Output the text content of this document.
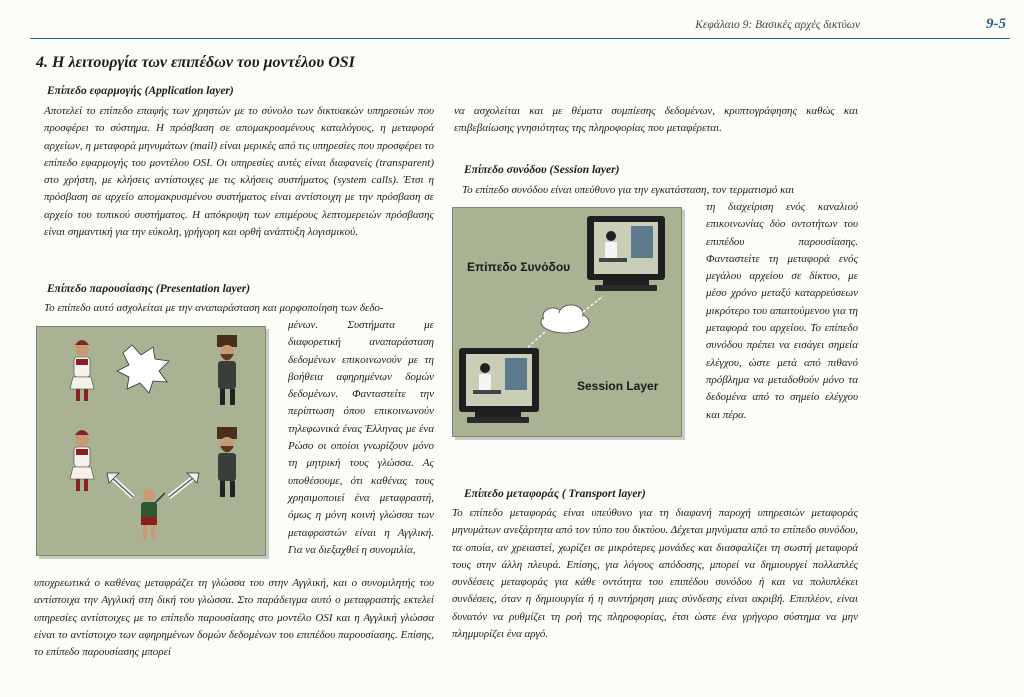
Κεφάλαιο 9: Βασικές αρχές δικτύων	9-5
4. Η λειτουργία των επιπέδων του μοντέλου OSI
Επίπεδο εφαρμογής (Application layer)

Αποτελεί το επίπεδο επαφής των χρηστών με το σύνολο των δικτυακών υπηρεσιών που προσφέρει το σύστημα. Η πρόσβαση σε απομακρυσμένους καταλόγους, η μεταφορά αρχείων, η μεταφορά μηνυμάτων (mail) είναι μερικές από τις υπηρεσίες που προσφέρει το επίπεδο εφαρμογής του μοντέλου OSI. Οι υπηρεσίες αυτές είναι διαφανείς (transparent) στο χρήστη, με κλήσεις αντίστοιχες με τις κλήσεις συστήματος (system calls). Έτσι η πρόσβαση σε αρχείο απομακρυσμένου συστήματος είναι αντίστοιχη με την πρόσβαση σε αρχείο του τοπικού συστήματος. Η απόκρυψη των επιμέρους λεπτομερειών πρόσβασης είναι σημαντική για την εύκολη, γρήγορη και ορθή ανάπτυξη λογισμικού.

Επίπεδο παρουσίασης (Presentation layer)

Το επίπεδο αυτό ασχολείται με την αναπαράσταση και μορφοποίηση των δεδο-

μένων. Συστήματα με διαφορετική αναπαράσταση δεδομένων επικοινωνούν με τη βοήθεια αφηρημένων δομών δεδομένων. Φανταστείτε την περίπτωση όπου επικοινωνούν τηλεφωνικά ένας Έλληνας με ένα Ρώσο οι οποίοι γνωρίζουν μόνο τη μητρική τους γλώσσα. Ας υποθέσουμε, ότι καθένας τους χρησιμοποιεί ένα μεταφραστή, όμως η μόνη κοινή γλώσσα των μεταφραστών είναι η Αγγλική. Για να διεξαχθεί η συνομιλία,

υποχρεωτικά ο καθένας μεταφράζει τη γλώσσα του στην Αγγλική, και ο συνομιλητής του αντίστοιχα την Αγγλική στη δική του γλώσσα. Στο παράδειγμα αυτό ο μεταφραστής εκτελεί υπηρεσίες αντίστοιχες με το επίπεδο παρουσίασης στο μοντέλο OSI και η Αγγλική γλώσσα είναι το αντίστοιχο των αφηρημένων δομών δεδομένων του επιπέδου παρουσίασης. Επίσης, το επίπεδο παρουσίασης μπορεί

να ασχολείται και με θέματα συμπίεσης δεδομένων, κρυπτογράφησης καθώς και επιβεβαίωσης γνησιότητας της πληροφορίας που μεταφέρεται.

Επίπεδο συνόδου (Session layer)

Το επίπεδο συνόδου είναι υπεύθυνο για την εγκατάσταση, τον τερματισμό και

Επίπεδο Συνόδου
Session Layer

τη διαχείριση ενός καναλιού επικοινωνίας δύο οντοτήτων του επιπέδου παρουσίασης. Φανταστείτε τη μεταφορά ενός μεγάλου αρχείου σε δίκτυο, με μέσο χρόνο μεταξύ καταρρεύσεων μικρότερο του απαιτούμενου για τη μεταφορά του αρχείου. Το επίπεδο συνόδου πρέπει να εισάγει σημεία ελέγχου, ώστε μετά από πιθανό πρόβλημα να μεταδοθούν μόνο τα δεδομένα από το σημείο ελέγχου και πέρα.

Επίπεδο μεταφοράς ( Transport layer)

Το επίπεδο μεταφοράς είναι υπεύθυνο για τη διαφανή παροχή υπηρεσιών μεταφοράς μηνυμάτων ανεξάρτητα από τον τύπο του δικτύου. Δέχεται μηνύματα από το επίπεδο συνόδου, τα οποία, αν χρειαστεί, χωρίζει σε μικρότερες μονάδες και διασφαλίζει τη σωστή μεταφορά τους στην άλλη πλευρά. Επίσης, για λόγους απόδοσης, μπορεί να δημιουργεί πολλαπλές συνδέσεις μεταφοράς για κάθε οντότητα του επιπέδου συνόδου ή και να πολυπλέκει συνδέσεις, όταν η δημιουργία ή η συντήρηση μιας σύνδεσης είναι ακριβή. Επιπλέον, είναι δυνατόν να ρυθμίζει τη ροή της πληροφορίας, έτσι ώστε ένα γρήγορο σύστημα να μην πλημμυρίζει ένα αργό.
